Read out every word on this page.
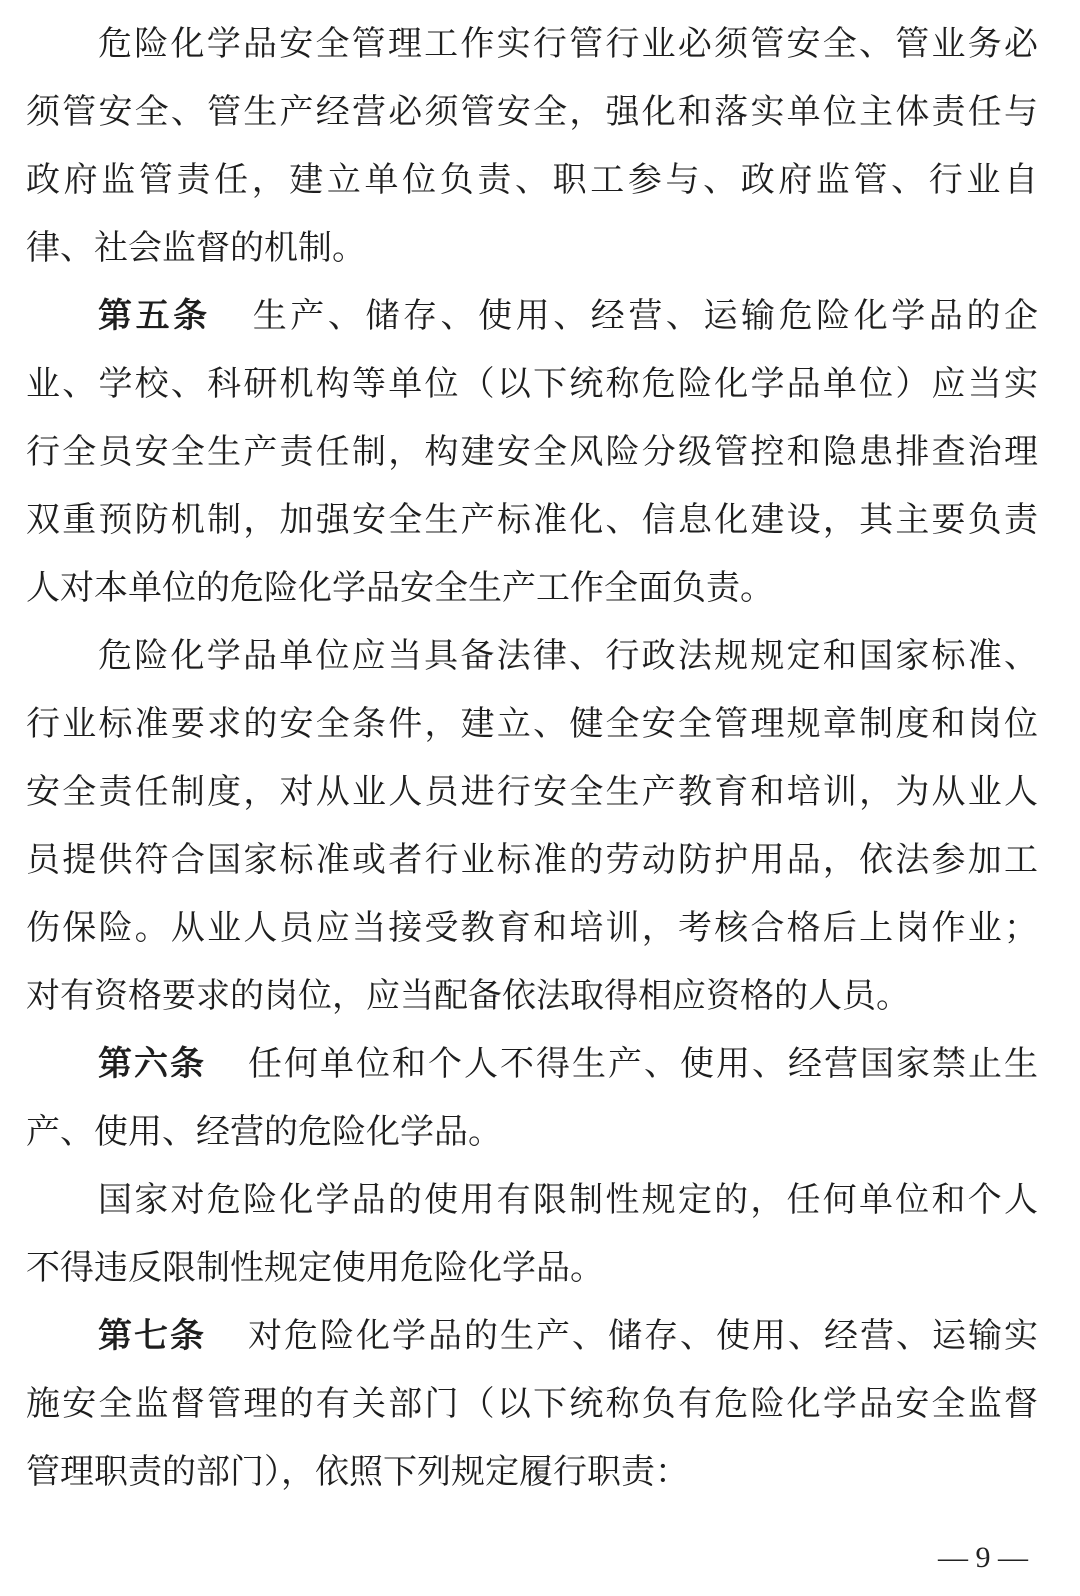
危险化学品安全管理工作实行管行业必须管安全、管业务必
须管安全、管生产经营必须管安全，强化和落实单位主体责任与
政府监管责任，建立单位负责、职工参与、政府监管、行业自
律、社会监督的机制。
第五条 生产、储存、使用、经营、运输危险化学品的企
业、学校、科研机构等单位（以下统称危险化学品单位）应当实
行全员安全生产责任制，构建安全风险分级管控和隐患排查治理
双重预防机制，加强安全生产标准化、信息化建设，其主要负责
人对本单位的危险化学品安全生产工作全面负责。
危险化学品单位应当具备法律、行政法规规定和国家标准、
行业标准要求的安全条件，建立、健全安全管理规章制度和岗位
安全责任制度，对从业人员进行安全生产教育和培训，为从业人
员提供符合国家标准或者行业标准的劳动防护用品，依法参加工
伤保险。从业人员应当接受教育和培训，考核合格后上岗作业；
对有资格要求的岗位，应当配备依法取得相应资格的人员。
第六条 任何单位和个人不得生产、使用、经营国家禁止生
产、使用、经营的危险化学品。
国家对危险化学品的使用有限制性规定的，任何单位和个人
不得违反限制性规定使用危险化学品。
第七条 对危险化学品的生产、储存、使用、经营、运输实
施安全监督管理的有关部门（以下统称负有危险化学品安全监督
管理职责的部门），依照下列规定履行职责：
— 9 —
